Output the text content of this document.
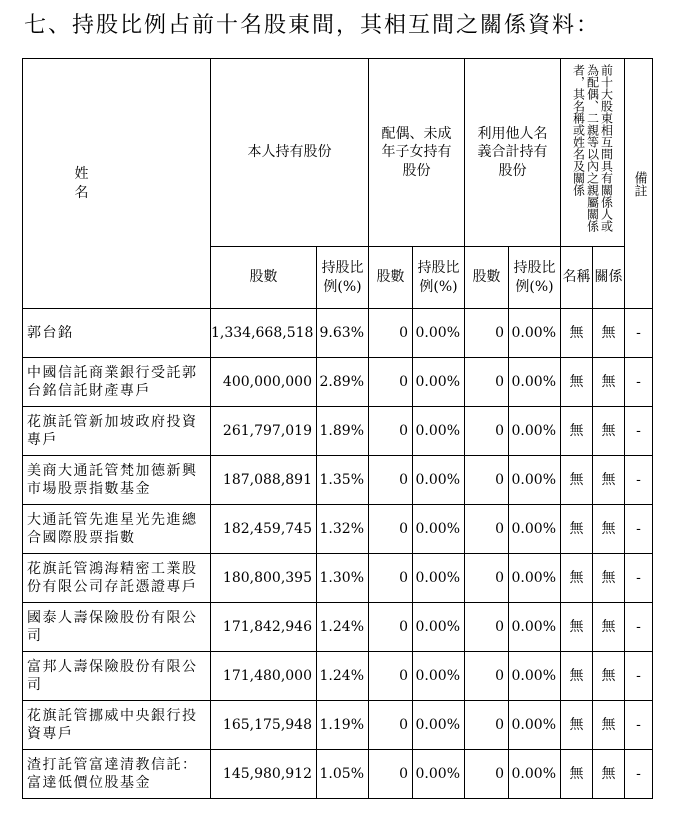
七、持股比例占前十名股東間，其相互間之關係資料：
姓　名	本人持有股份		配偶、未成年子女持有股份		利用他人名義合計持有股份		前十大股東相互間具有關係人或為配偶、二親等以內之親屬關係者，其名稱或姓名及關係		備註

	股數	持股比例(%)	股數	持股比例(%)	股數	持股比例(%)	名稱	關係	
郭台銘	1,334,668,518	9.63%	0	0.00%	0	0.00%	無	無	-
中國信託商業銀行受託郭台銘信託財產專戶	400,000,000	2.89%	0	0.00%	0	0.00%	無	無	-
花旗託管新加坡政府投資專戶	261,797,019	1.89%	0	0.00%	0	0.00%	無	無	-
美商大通託管梵加德新興市場股票指數基金	187,088,891	1.35%	0	0.00%	0	0.00%	無	無	-
大通託管先進星光先進總合國際股票指數	182,459,745	1.32%	0	0.00%	0	0.00%	無	無	-
花旗託管鴻海精密工業股份有限公司存託憑證專戶	180,800,395	1.30%	0	0.00%	0	0.00%	無	無	-
國泰人壽保險股份有限公司	171,842,946	1.24%	0	0.00%	0	0.00%	無	無	-
富邦人壽保險股份有限公司	171,480,000	1.24%	0	0.00%	0	0.00%	無	無	-
花旗託管挪威中央銀行投資專戶	165,175,948	1.19%	0	0.00%	0	0.00%	無	無	-
渣打託管富達清教信託：富達低價位股基金	145,980,912	1.05%	0	0.00%	0	0.00%	無	無	-
